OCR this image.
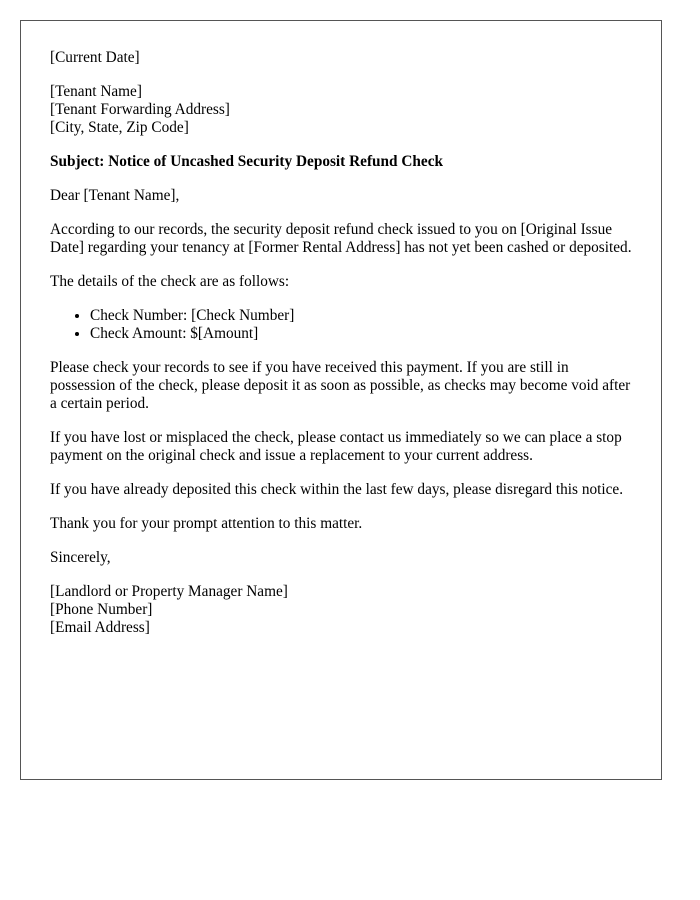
[Current Date]
[Tenant Name]
[Tenant Forwarding Address]
[City, State, Zip Code]
Subject: Notice of Uncashed Security Deposit Refund Check

Dear [Tenant Name],

According to our records, the security deposit refund check issued to you on [Original Issue Date] regarding your tenancy at [Former Rental Address] has not yet been cashed or deposited.

The details of the check are as follows:

• Check Number: [Check Number]
• Check Amount: $[Amount]

Please check your records to see if you have received this payment. If you are still in possession of the check, please deposit it as soon as possible, as checks may become void after a certain period.

If you have lost or misplaced the check, please contact us immediately so we can place a stop payment on the original check and issue a replacement to your current address.

If you have already deposited this check within the last few days, please disregard this notice.

Thank you for your prompt attention to this matter.

Sincerely,

[Landlord or Property Manager Name]
[Phone Number]
[Email Address]
